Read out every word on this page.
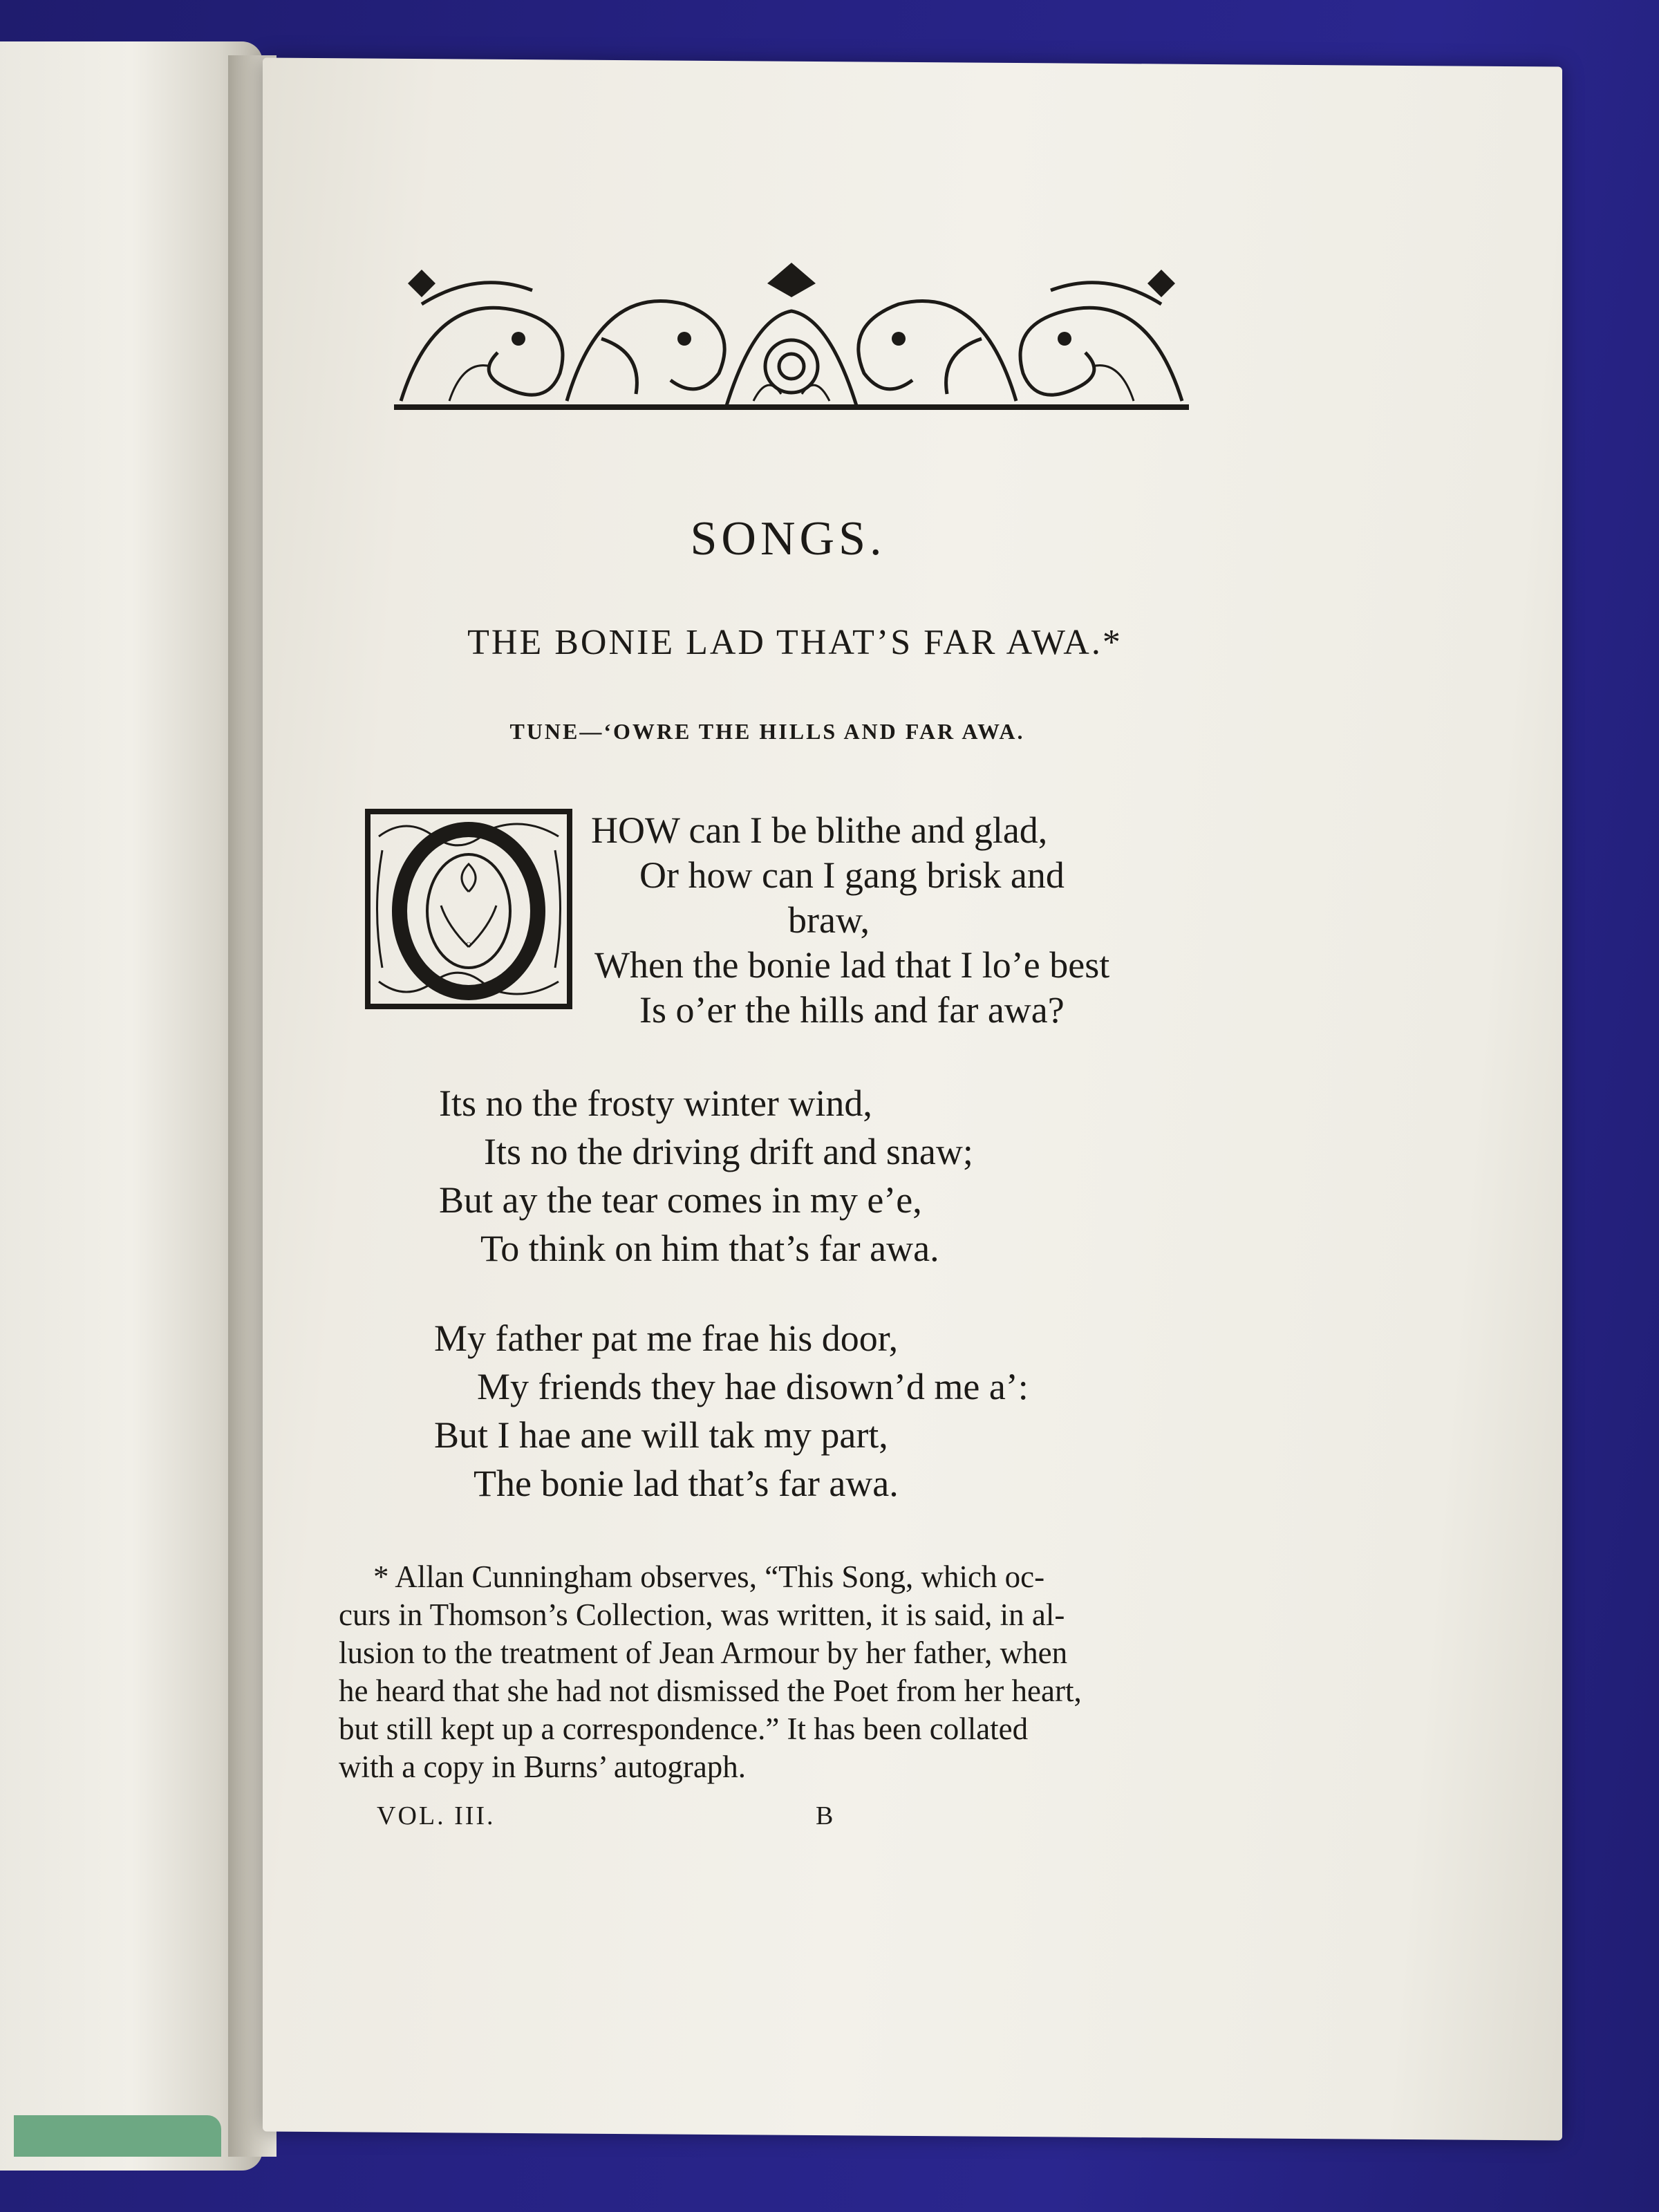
SONGS.
THE BONIE LAD THAT’S FAR AWA.*
TUNE—‘OWRE THE HILLS AND FAR AWA.
O
HOW can I be blithe and glad,
Or how can I gang brisk and
braw,
When the bonie lad that I lo’e best
Is o’er the hills and far awa?
Its no the frosty winter wind,
Its no the driving drift and snaw;
But ay the tear comes in my e’e,
To think on him that’s far awa.
My father pat me frae his door,
My friends they hae disown’d me a’:
But I hae ane will tak my part,
The bonie lad that’s far awa.
* Allan Cunningham observes, “This Song, which oc-
curs in Thomson’s Collection, was written, it is said, in al-
lusion to the treatment of Jean Armour by her father, when
he heard that she had not dismissed the Poet from her heart,
but still kept up a correspondence.” It has been collated
with a copy in Burns’ autograph.
VOL. III.	B
